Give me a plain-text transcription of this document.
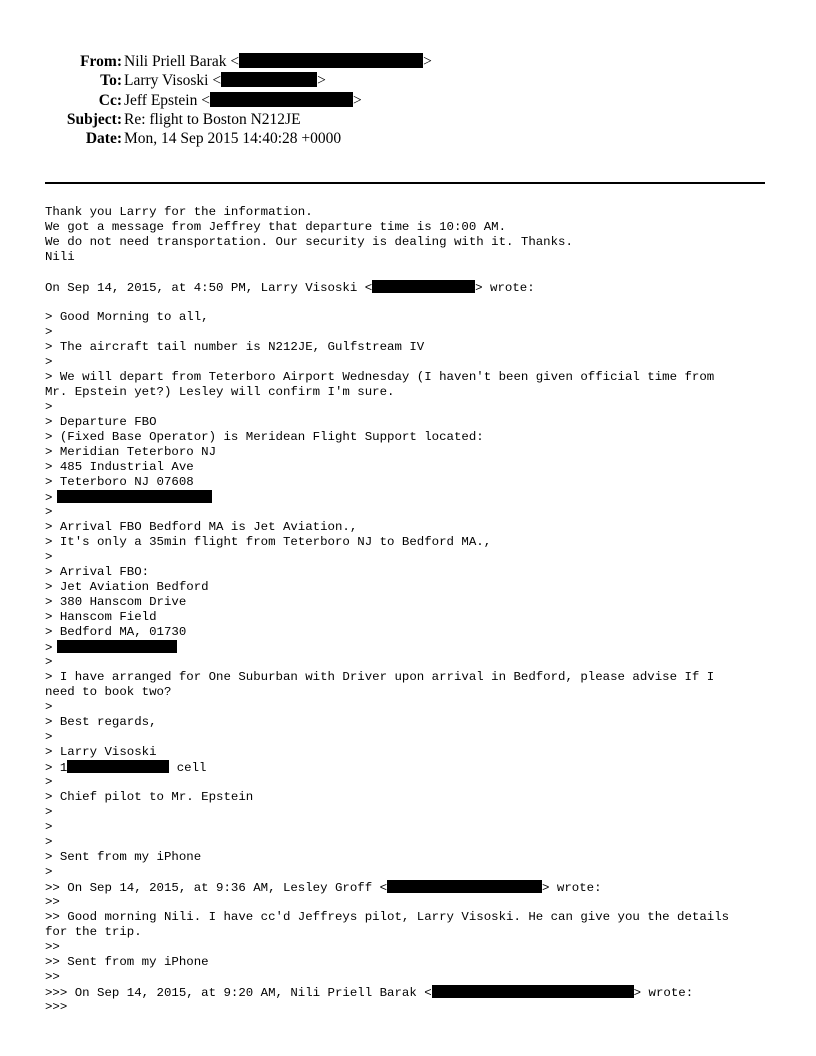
From: Nili Priell Barak <	>
To: Larry Visoski <	>
Cc: Jeff Epstein <	>
Subject: Re: flight to Boston N212JE
Date: Mon, 14 Sep 2015 14:40:28 +0000
Thank you Larry for the information.
We got a message from Jeffrey that departure time is 10:00 AM.
We do not need transportation. Our security is dealing with it. Thanks.
Nili
On Sep 14, 2015, at 4:50 PM, Larry Visoski <	> wrote:
> Good Morning to all,
>
> The aircraft tail number is N212JE, Gulfstream IV
>
> We will depart from Teterboro Airport Wednesday (I haven't been given official time from
Mr. Epstein yet?) Lesley will confirm I'm sure.
>
> Departure FBO
> (Fixed Base Operator) is Meridean Flight Support located:
> Meridian Teterboro NJ
> 485 Industrial Ave
> Teterboro NJ 07608
>
>
> Arrival FBO Bedford MA is Jet Aviation.,
> It's only a 35min flight from Teterboro NJ to Bedford MA.,
>
> Arrival FBO:
> Jet Aviation Bedford
> 380 Hanscom Drive
> Hanscom Field
> Bedford MA, 01730
>
>
> I have arranged for One Suburban with Driver upon arrival in Bedford, please advise If I
need to book two?
>
> Best regards,
>
> Larry Visoski
> 1	cell
>
> Chief pilot to Mr. Epstein
>
>
>
> Sent from my iPhone
>
>> On Sep 14, 2015, at 9:36 AM, Lesley Groff <	> wrote:
>>
>> Good morning Nili. I have cc'd Jeffreys pilot, Larry Visoski. He can give you the details
for the trip.
>>
>> Sent from my iPhone
>>
>>> On Sep 14, 2015, at 9:20 AM, Nili Priell Barak <	> wrote:
>>>
